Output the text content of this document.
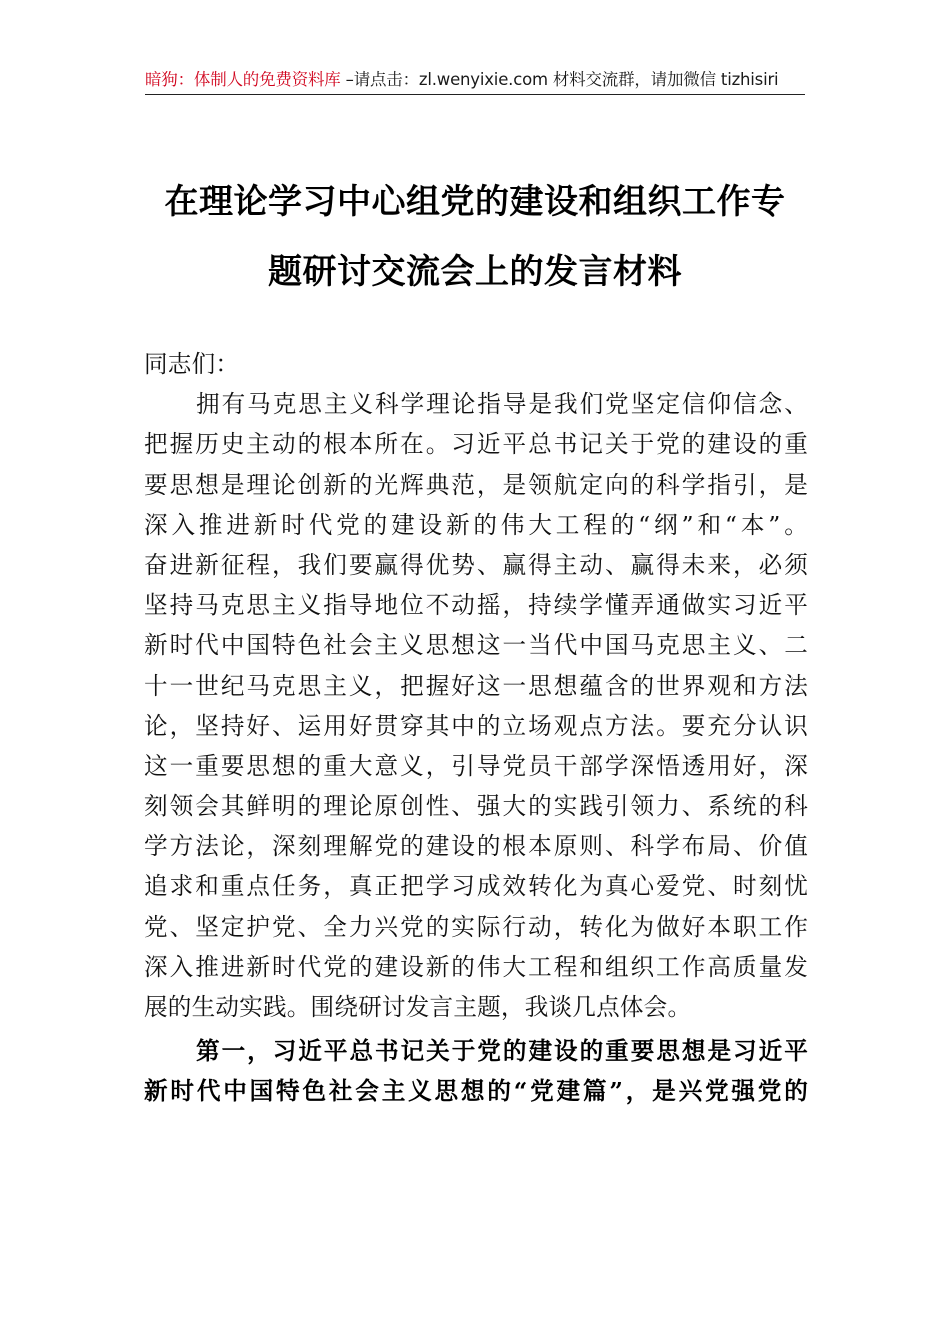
暗狗：体制人的免费资料库 –请点击：zl.wenyixie.com 材料交流群，请加微信 tizhisiri
在理论学习中心组党的建设和组织工作专
题研讨交流会上的发言材料
同志们：
拥有马克思主义科学理论指导是我们党坚定信仰信念、
把握历史主动的根本所在。习近平总书记关于党的建设的重
要思想是理论创新的光辉典范，是领航定向的科学指引，是
深入推进新时代党的建设新的伟大工程的“纲”和“本”。
奋进新征程，我们要赢得优势、赢得主动、赢得未来，必须
坚持马克思主义指导地位不动摇，持续学懂弄通做实习近平
新时代中国特色社会主义思想这一当代中国马克思主义、二
十一世纪马克思主义，把握好这一思想蕴含的世界观和方法
论，坚持好、运用好贯穿其中的立场观点方法。要充分认识
这一重要思想的重大意义，引导党员干部学深悟透用好，深
刻领会其鲜明的理论原创性、强大的实践引领力、系统的科
学方法论，深刻理解党的建设的根本原则、科学布局、价值
追求和重点任务，真正把学习成效转化为真心爱党、时刻忧
党、坚定护党、全力兴党的实际行动，转化为做好本职工作
深入推进新时代党的建设新的伟大工程和组织工作高质量发
展的生动实践。围绕研讨发言主题，我谈几点体会。
第一，习近平总书记关于党的建设的重要思想是习近平
新时代中国特色社会主义思想的“党建篇”，是兴党强党的
